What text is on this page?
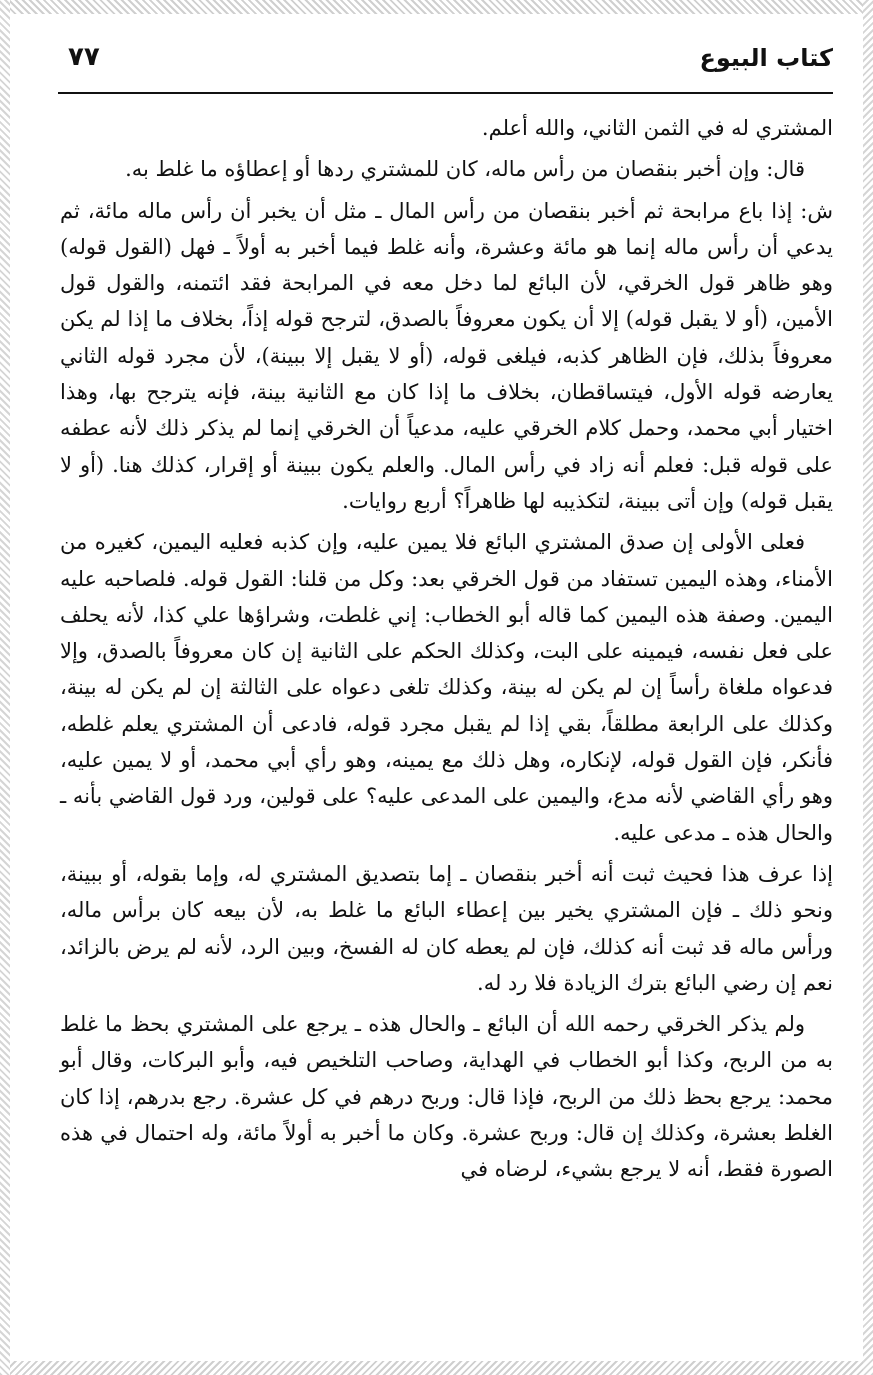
٧٧	كتاب البيوع

المشتري له في الثمن الثاني، والله أعلم.

قال: وإن أخبر بنقصان من رأس ماله، كان للمشتري ردها أو إعطاؤه ما غلط به.

ش: إذا باع مرابحة ثم أخبر بنقصان من رأس المال ـ مثل أن يخبر أن رأس ماله مائة، ثم يدعي أن رأس ماله إنما هو مائة وعشرة، وأنه غلط فيما أخبر به أولاً ـ فهل (القول قوله) وهو ظاهر قول الخرقي، لأن البائع لما دخل معه في المرابحة فقد ائتمنه، والقول قول الأمين، (أو لا يقبل قوله) إلا أن يكون معروفاً بالصدق، لترجح قوله إذاً، بخلاف ما إذا لم يكن معروفاً بذلك، فإن الظاهر كذبه، فيلغى قوله، (أو لا يقبل إلا ببينة)، لأن مجرد قوله الثاني يعارضه قوله الأول، فيتساقطان، بخلاف ما إذا كان مع الثانية بينة، فإنه يترجح بها، وهذا اختيار أبي محمد، وحمل كلام الخرقي عليه، مدعياً أن الخرقي إنما لم يذكر ذلك لأنه عطفه على قوله قبل: فعلم أنه زاد في رأس المال. والعلم يكون ببينة أو إقرار، كذلك هنا. (أو لا يقبل قوله) وإن أتى ببينة، لتكذيبه لها ظاهراً؟ أربع روايات.

فعلى الأولى إن صدق المشتري البائع فلا يمين عليه، وإن كذبه فعليه اليمين، كغيره من الأمناء، وهذه اليمين تستفاد من قول الخرقي بعد: وكل من قلنا: القول قوله. فلصاحبه عليه اليمين. وصفة هذه اليمين كما قاله أبو الخطاب: إني غلطت، وشراؤها علي كذا، لأنه يحلف على فعل نفسه، فيمينه على البت، وكذلك الحكم على الثانية إن كان معروفاً بالصدق، وإلا فدعواه ملغاة رأساً إن لم يكن له بينة، وكذلك تلغى دعواه على الثالثة إن لم يكن له بينة، وكذلك على الرابعة مطلقاً، بقي إذا لم يقبل مجرد قوله، فادعى أن المشتري يعلم غلطه، فأنكر، فإن القول قوله، لإنكاره، وهل ذلك مع يمينه، وهو رأي أبي محمد، أو لا يمين عليه، وهو رأي القاضي لأنه مدع، واليمين على المدعى عليه؟ على قولين، ورد قول القاضي بأنه ـ والحال هذه ـ مدعى عليه.

إذا عرف هذا فحيث ثبت أنه أخبر بنقصان ـ إما بتصديق المشتري له، وإما بقوله، أو ببينة، ونحو ذلك ـ فإن المشتري يخير بين إعطاء البائع ما غلط به، لأن بيعه كان برأس ماله، ورأس ماله قد ثبت أنه كذلك، فإن لم يعطه كان له الفسخ، وبين الرد، لأنه لم يرض بالزائد، نعم إن رضي البائع بترك الزيادة فلا رد له.

ولم يذكر الخرقي رحمه الله أن البائع ـ والحال هذه ـ يرجع على المشتري بحظ ما غلط به من الربح، وكذا أبو الخطاب في الهداية، وصاحب التلخيص فيه، وأبو البركات، وقال أبو محمد: يرجع بحظ ذلك من الربح، فإذا قال: وربح درهم في كل عشرة. رجع بدرهم، إذا كان الغلط بعشرة، وكذلك إن قال: وربح عشرة. وكان ما أخبر به أولاً مائة، وله احتمال في هذه الصورة فقط، أنه لا يرجع بشيء، لرضاه في
